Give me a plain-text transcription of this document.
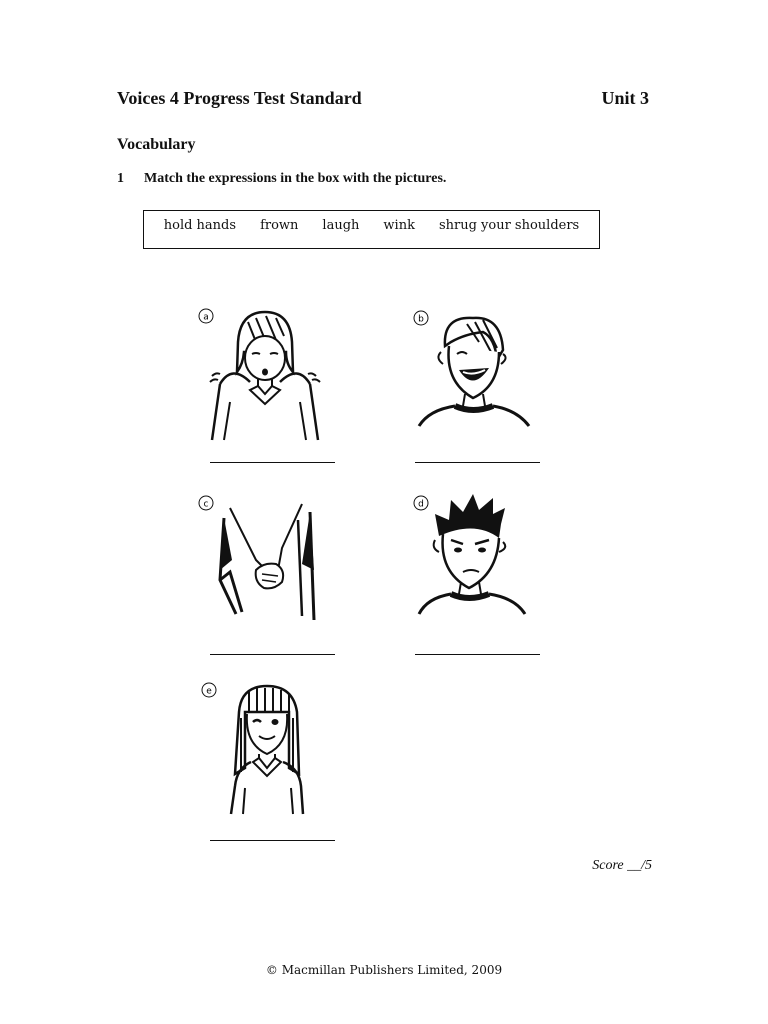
Voices 4 Progress Test Standard	Unit 3
Vocabulary
1 Match the expressions in the box with the pictures.
hold hands frown laugh wink shrug your shoulders
a	b
c	d
e
Score __/5
© Macmillan Publishers Limited, 2009
